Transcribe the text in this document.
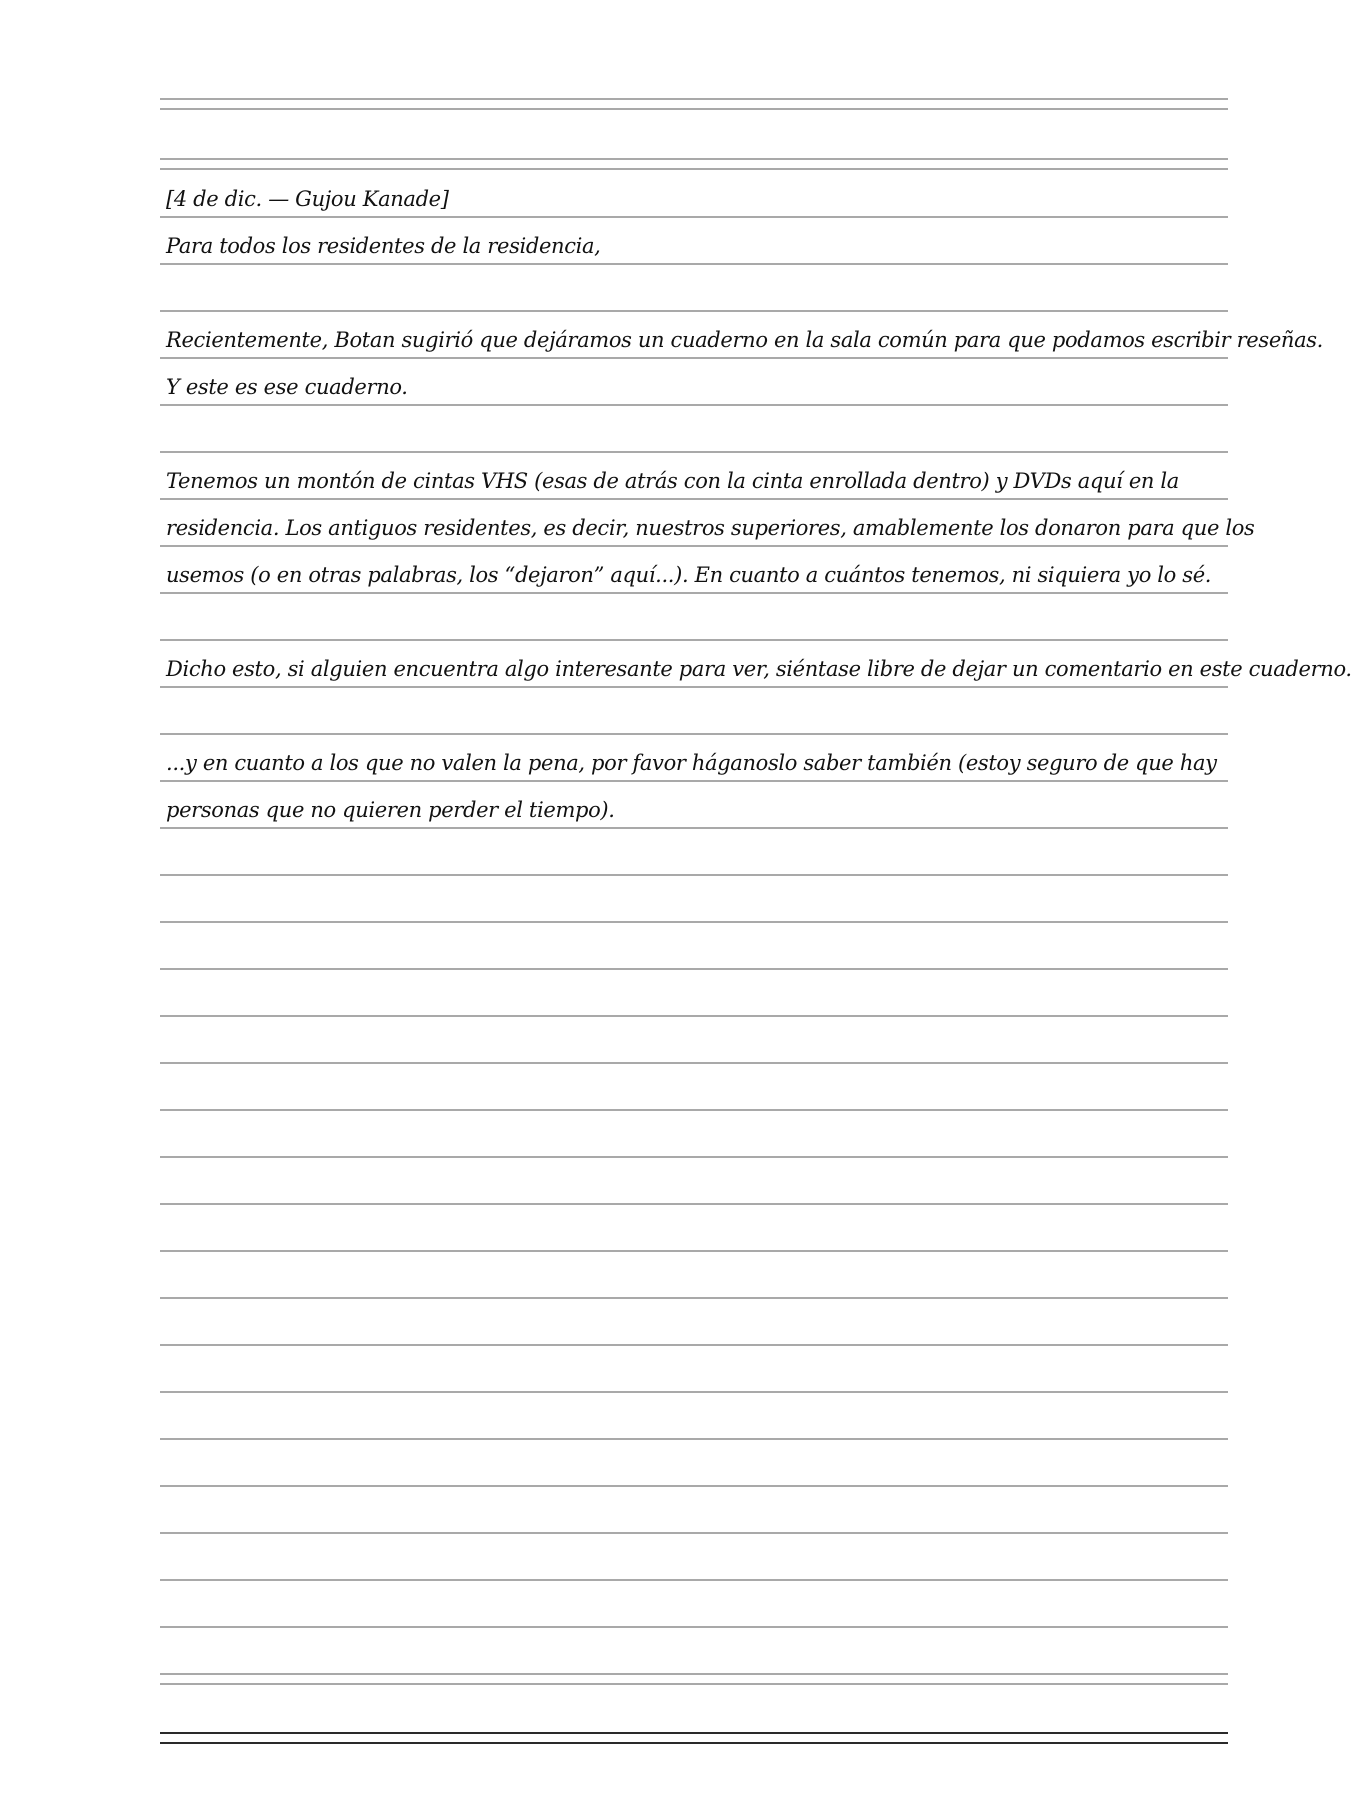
[4 de dic. — Gujou Kanade]
Para todos los residentes de la residencia,
Recientemente, Botan sugirió que dejáramos un cuaderno en la sala común para que podamos escribir reseñas.
Y este es ese cuaderno.
Tenemos un montón de cintas VHS (esas de atrás con la cinta enrollada dentro) y DVDs aquí en la
residencia. Los antiguos residentes, es decir, nuestros superiores, amablemente los donaron para que los
usemos (o en otras palabras, los “dejaron” aquí...). En cuanto a cuántos tenemos, ni siquiera yo lo sé.
Dicho esto, si alguien encuentra algo interesante para ver, siéntase libre de dejar un comentario en este cuaderno.
...y en cuanto a los que no valen la pena, por favor háganoslo saber también (estoy seguro de que hay
personas que no quieren perder el tiempo).
